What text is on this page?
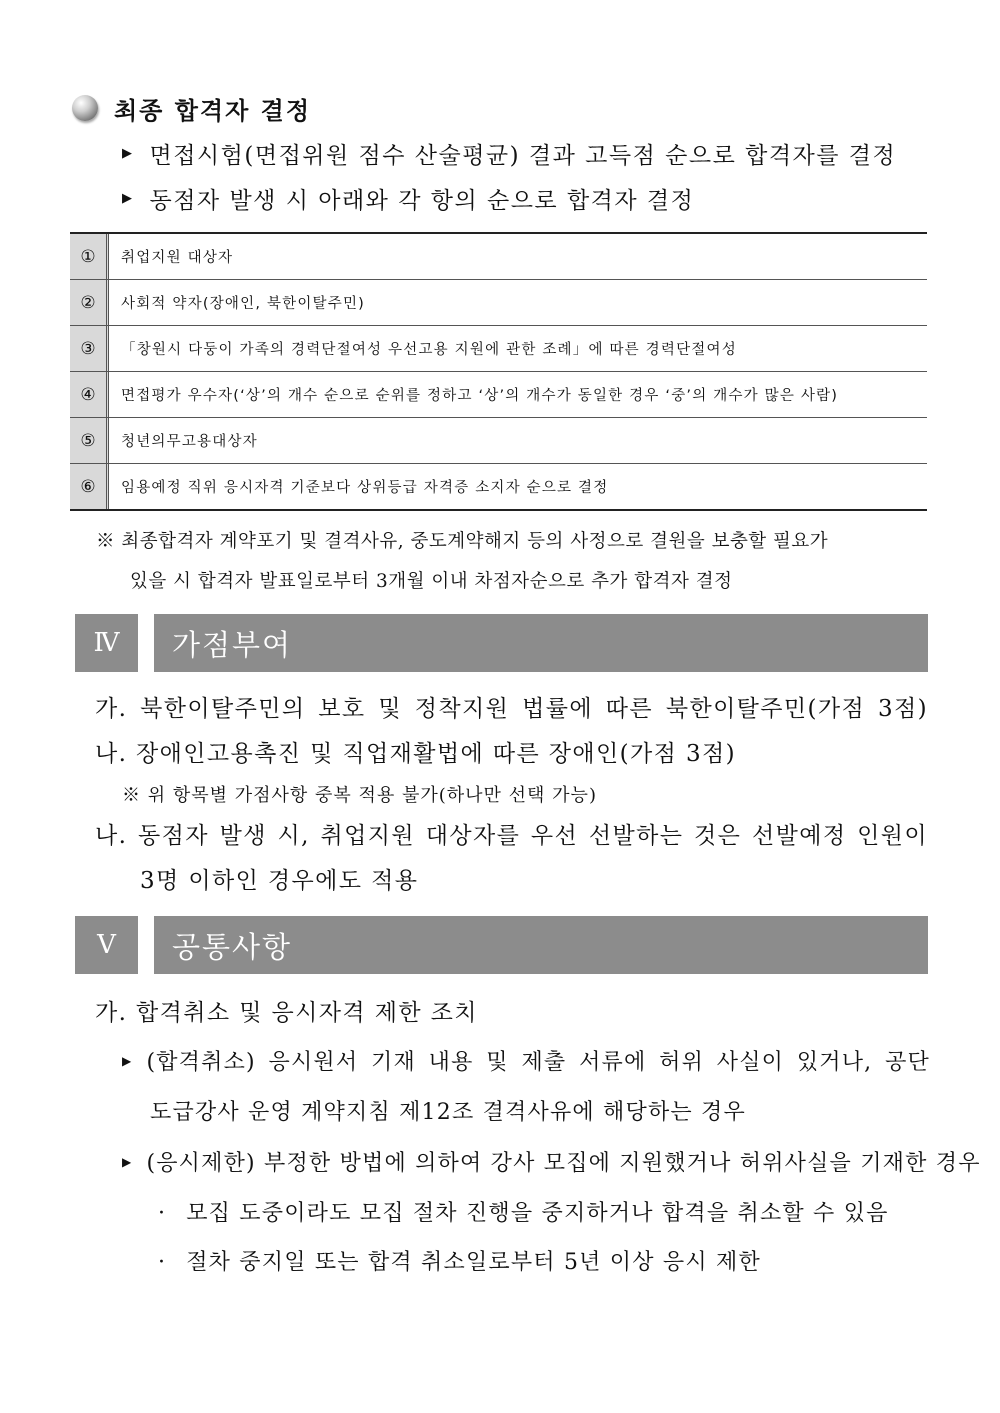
최종 합격자 결정
▶ 면접시험(면접위원 점수 산술평균) 결과 고득점 순으로 합격자를 결정
▶ 동점자 발생 시 아래와 각 항의 순으로 합격자 결정
①	취업지원 대상자
②	사회적 약자(장애인, 북한이탈주민)
③	「창원시 다둥이 가족의 경력단절여성 우선고용 지원에 관한 조례」에 따른 경력단절여성
④	면접평가 우수자(‘상’의 개수 순으로 순위를 정하고 ‘상’의 개수가 동일한 경우 ‘중’의 개수가 많은 사람)
⑤	청년의무고용대상자
⑥	임용예정 직위 응시자격 기준보다 상위등급 자격증 소지자 순으로 결정
※ 최종합격자 계약포기 및 결격사유, 중도계약해지 등의 사정으로 결원을 보충할 필요가
있을 시 합격자 발표일로부터 3개월 이내 차점자순으로 추가 합격자 결정
Ⅳ	가점부여
가. 북한이탈주민의 보호 및 정착지원 법률에 따른 북한이탈주민(가점 3점)
나. 장애인고용촉진 및 직업재활법에 따른 장애인(가점 3점)
※ 위 항목별 가점사항 중복 적용 불가(하나만 선택 가능)
나. 동점자 발생 시, 취업지원 대상자를 우선 선발하는 것은 선발예정 인원이
3명 이하인 경우에도 적용
Ⅴ	공통사항
가. 합격취소 및 응시자격 제한 조치
▶ (합격취소) 응시원서 기재 내용 및 제출 서류에 허위 사실이 있거나, 공단
도급강사 운영 계약지침 제12조 결격사유에 해당하는 경우
▶ (응시제한) 부정한 방법에 의하여 강사 모집에 지원했거나 허위사실을 기재한 경우
· 모집 도중이라도 모집 절차 진행을 중지하거나 합격을 취소할 수 있음
· 절차 중지일 또는 합격 취소일로부터 5년 이상 응시 제한
